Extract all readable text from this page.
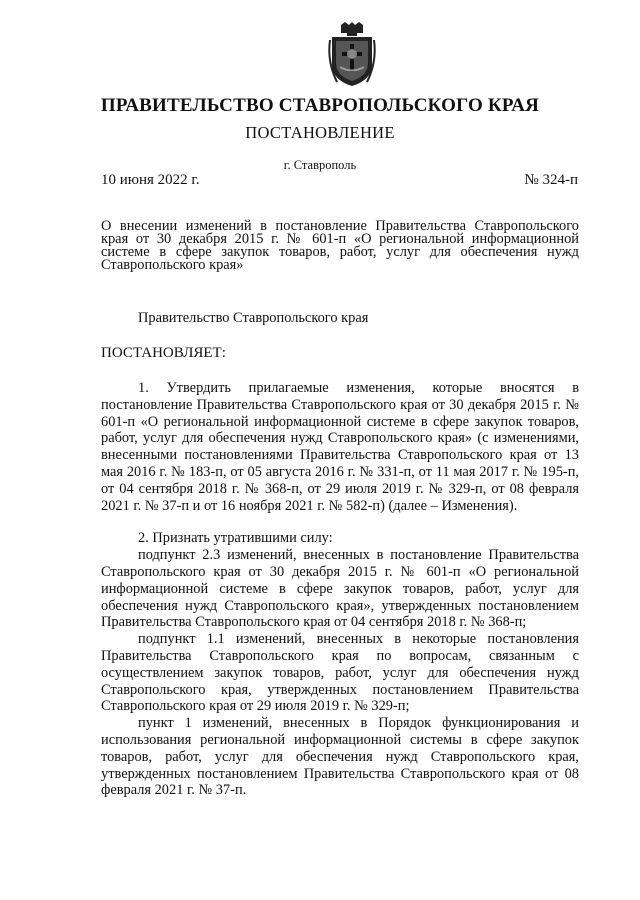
ПРАВИТЕЛЬСТВО СТАВРОПОЛЬСКОГО КРАЯ
ПОСТАНОВЛЕНИЕ
г. Ставрополь
10 июня 2022 г.	№ 324-п
О внесении изменений в постановление Правительства Ставропольского края от 30 декабря 2015 г. № 601-п «О региональной информационной системе в сфере закупок товаров, работ, услуг для обеспечения нужд Ставропольского края»
Правительство Ставропольского края
ПОСТАНОВЛЯЕТ:

1. Утвердить прилагаемые изменения, которые вносятся в постановление Правительства Ставропольского края от 30 декабря 2015 г. № 601-п «О региональной информационной системе в сфере закупок товаров, работ, услуг для обеспечения нужд Ставропольского края» (с изменениями, внесенными постановлениями Правительства Ставропольского края от 13 мая 2016 г. № 183-п, от 05 августа 2016 г. № 331-п, от 11 мая 2017 г. № 195-п, от 04 сентября 2018 г. № 368-п, от 29 июля 2019 г. № 329-п, от 08 февраля 2021 г. № 37-п и от 16 ноября 2021 г. № 582-п) (далее – Изменения).

2. Признать утратившими силу:

подпункт 2.3 изменений, внесенных в постановление Правительства Ставропольского края от 30 декабря 2015 г. № 601-п «О региональной информационной системе в сфере закупок товаров, работ, услуг для обеспечения нужд Ставропольского края», утвержденных постановлением Правительства Ставропольского края от 04 сентября 2018 г. № 368-п;

подпункт 1.1 изменений, внесенных в некоторые постановления Правительства Ставропольского края по вопросам, связанным с осуществлением закупок товаров, работ, услуг для обеспечения нужд Ставропольского края, утвержденных постановлением Правительства Ставропольского края от 29 июля 2019 г. № 329-п;

пункт 1 изменений, внесенных в Порядок функционирования и использования региональной информационной системы в сфере закупок товаров, работ, услуг для обеспечения нужд Ставропольского края, утвержденных постановлением Правительства Ставропольского края от 08 февраля 2021 г. № 37-п.
